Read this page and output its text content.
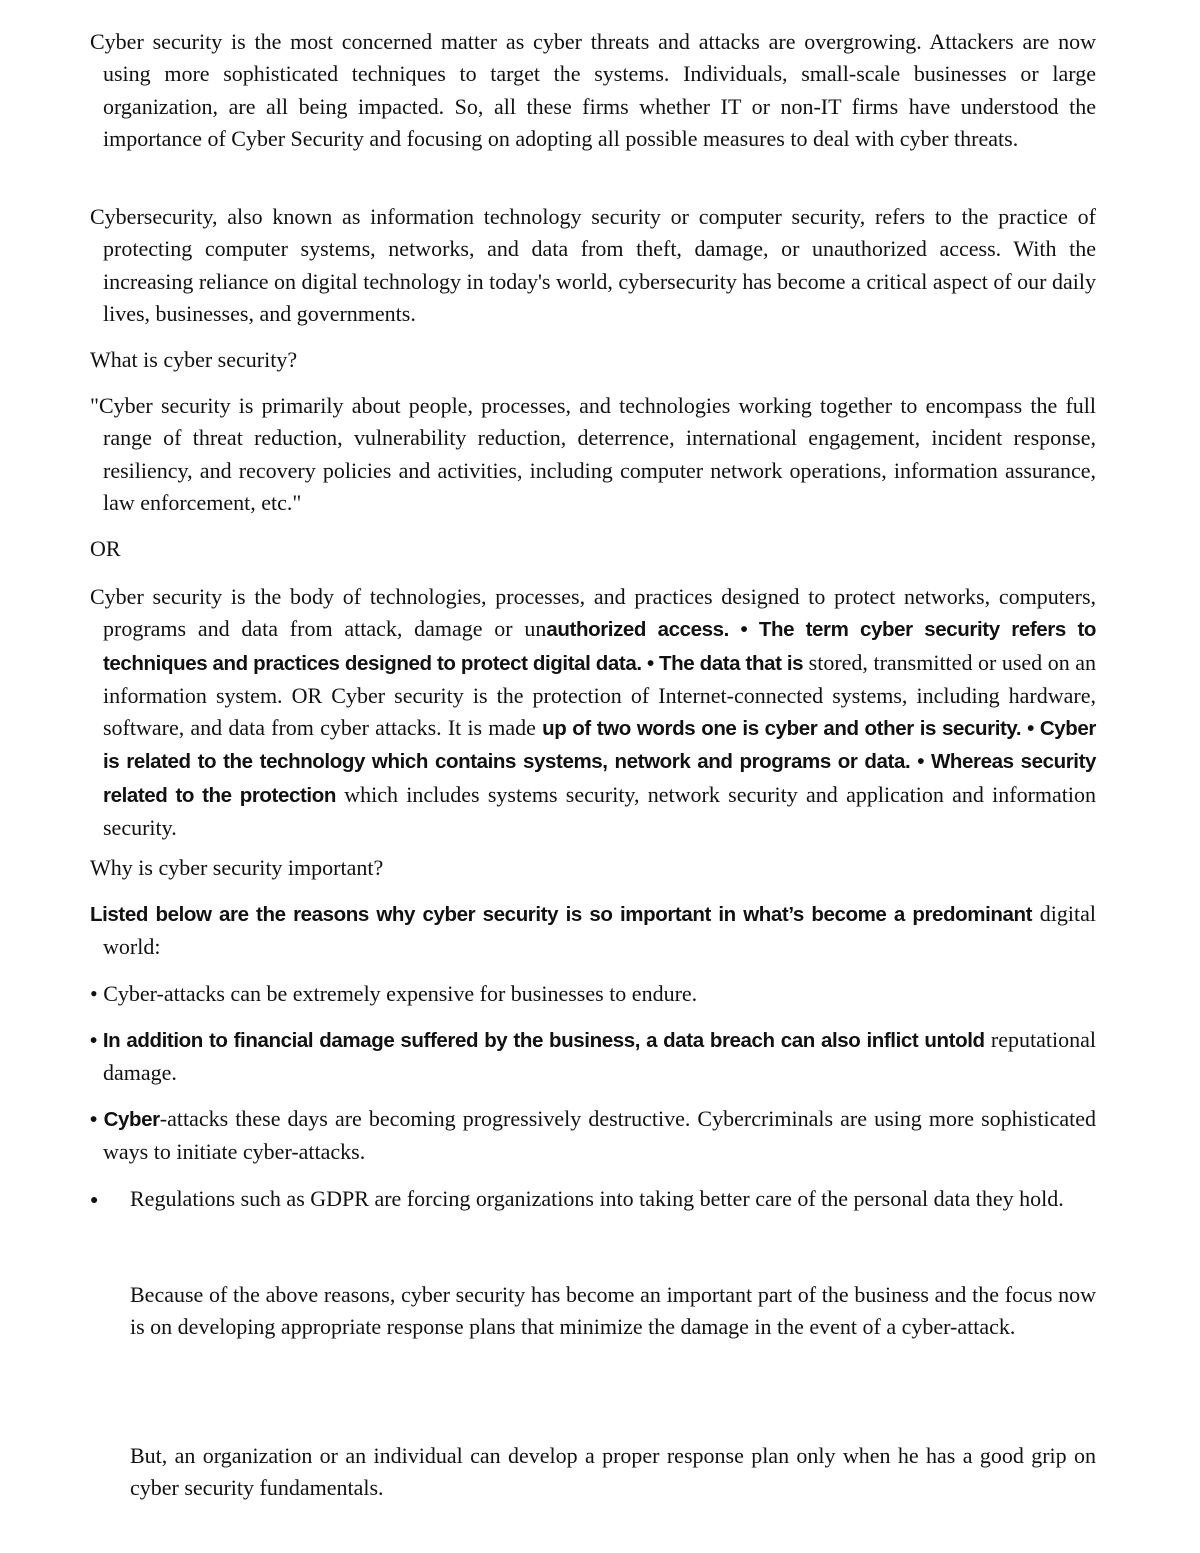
Cyber security is the most concerned matter as cyber threats and attacks are overgrowing. Attackers are now using more sophisticated techniques to target the systems. Individuals, small-scale businesses or large organization, are all being impacted. So, all these firms whether IT or non-IT firms have understood the importance of Cyber Security and focusing on adopting all possible measures to deal with cyber threats.

Cybersecurity, also known as information technology security or computer security, refers to the practice of protecting computer systems, networks, and data from theft, damage, or unauthorized access. With the increasing reliance on digital technology in today's world, cybersecurity has become a critical aspect of our daily lives, businesses, and governments.

What is cyber security?

"Cyber security is primarily about people, processes, and technologies working together to encompass the full range of threat reduction, vulnerability reduction, deterrence, international engagement, incident response, resiliency, and recovery policies and activities, including computer network operations, information assurance, law enforcement, etc."

OR

Cyber security is the body of technologies, processes, and practices designed to protect networks, computers, programs and data from attack, damage or unauthorized access. • The term cyber security refers to techniques and practices designed to protect digital data. • The data that is stored, transmitted or used on an information system. OR Cyber security is the protection of Internet-connected systems, including hardware, software, and data from cyber attacks. It is made up of two words one is cyber and other is security. • Cyber is related to the technology which contains systems, network and programs or data. • Whereas security related to the protection which includes systems security, network security and application and information security.

Why is cyber security important?

Listed below are the reasons why cyber security is so important in what’s become a predominant digital world:

• Cyber-attacks can be extremely expensive for businesses to endure.

• In addition to financial damage suffered by the business, a data breach can also inflict untold reputational damage.

• Cyber-attacks these days are becoming progressively destructive. Cybercriminals are using more sophisticated ways to initiate cyber-attacks.

●	Regulations such as GDPR are forcing organizations into taking better care of the personal data they hold.

Because of the above reasons, cyber security has become an important part of the business and the focus now is on developing appropriate response plans that minimize the damage in the event of a cyber-attack.

But, an organization or an individual can develop a proper response plan only when he has a good grip on cyber security fundamentals.
